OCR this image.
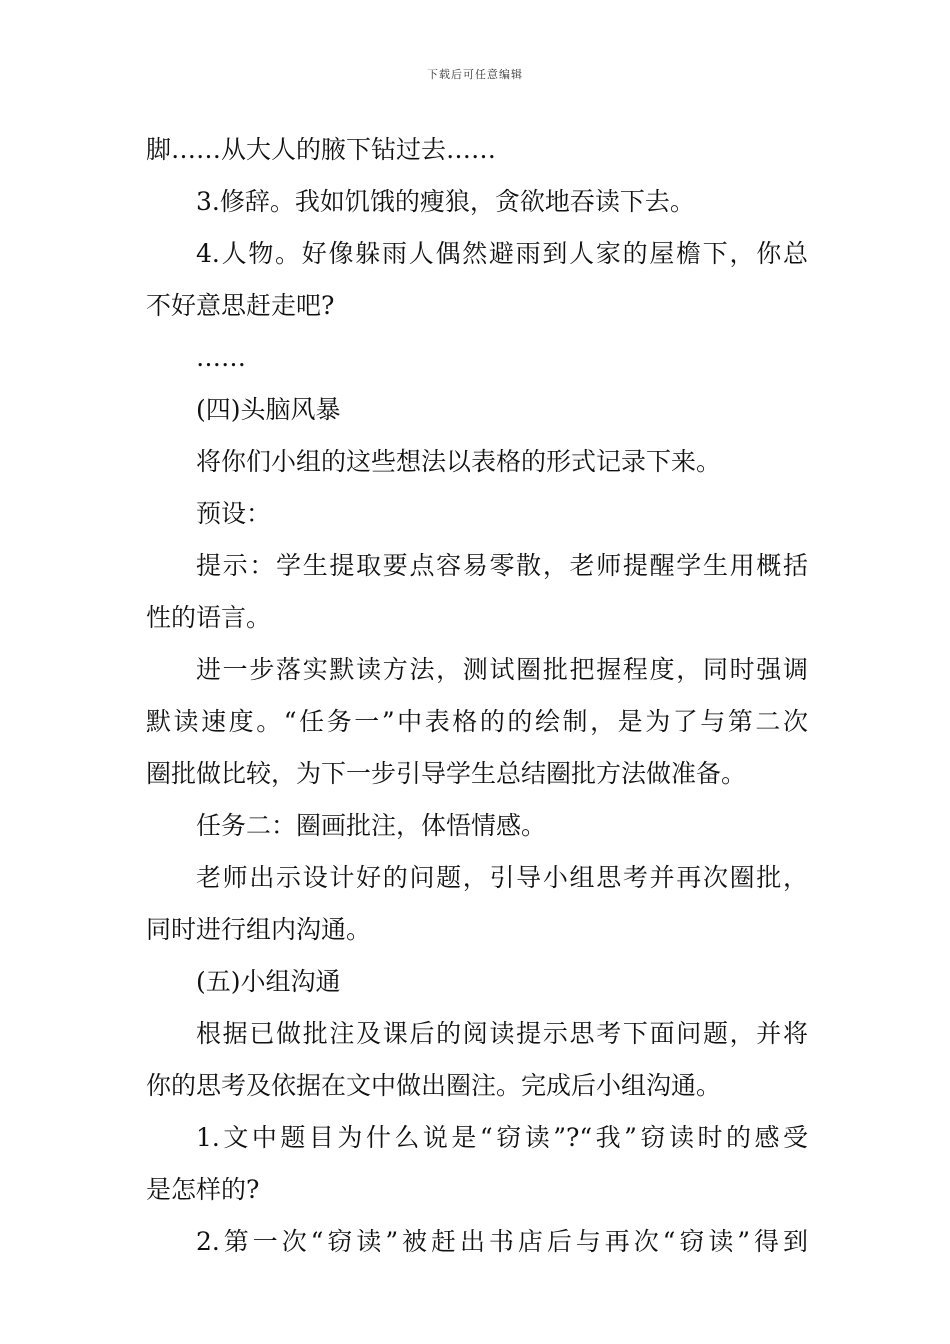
下载后可任意编辑
脚……从大人的腋下钻过去……
3.修辞。我如饥饿的瘦狼，贪欲地吞读下去。
4.人物。好像躲雨人偶然避雨到人家的屋檐下，你总
不好意思赶走吧?
……
(四)头脑风暴
将你们小组的这些想法以表格的形式记录下来。
预设：
提示：学生提取要点容易零散，老师提醒学生用概括
性的语言。
进一步落实默读方法，测试圈批把握程度，同时强调
默读速度。“任务一”中表格的的绘制，是为了与第二次
圈批做比较，为下一步引导学生总结圈批方法做准备。
任务二：圈画批注，体悟情感。
老师出示设计好的问题，引导小组思考并再次圈批，
同时进行组内沟通。
(五)小组沟通
根据已做批注及课后的阅读提示思考下面问题，并将
你的思考及依据在文中做出圈注。完成后小组沟通。
1.文中题目为什么说是“窃读”?“我”窃读时的感受
是怎样的?
2.第一次“窃读”被赶出书店后与再次“窃读”得到
